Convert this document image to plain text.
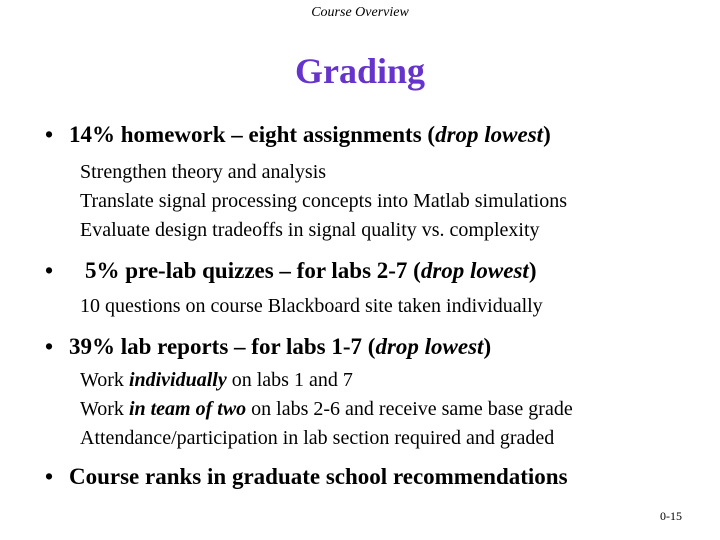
Course Overview
Grading
• 14% homework – eight assignments (drop lowest)
Strengthen theory and analysis
Translate signal processing concepts into Matlab simulations
Evaluate design tradeoffs in signal quality vs. complexity
• 5% pre-lab quizzes – for labs 2-7 (drop lowest)
10 questions on course Blackboard site taken individually
• 39% lab reports – for labs 1-7 (drop lowest)
Work individually on labs 1 and 7
Work in team of two on labs 2-6 and receive same base grade
Attendance/participation in lab section required and graded
• Course ranks in graduate school recommendations
0-15
